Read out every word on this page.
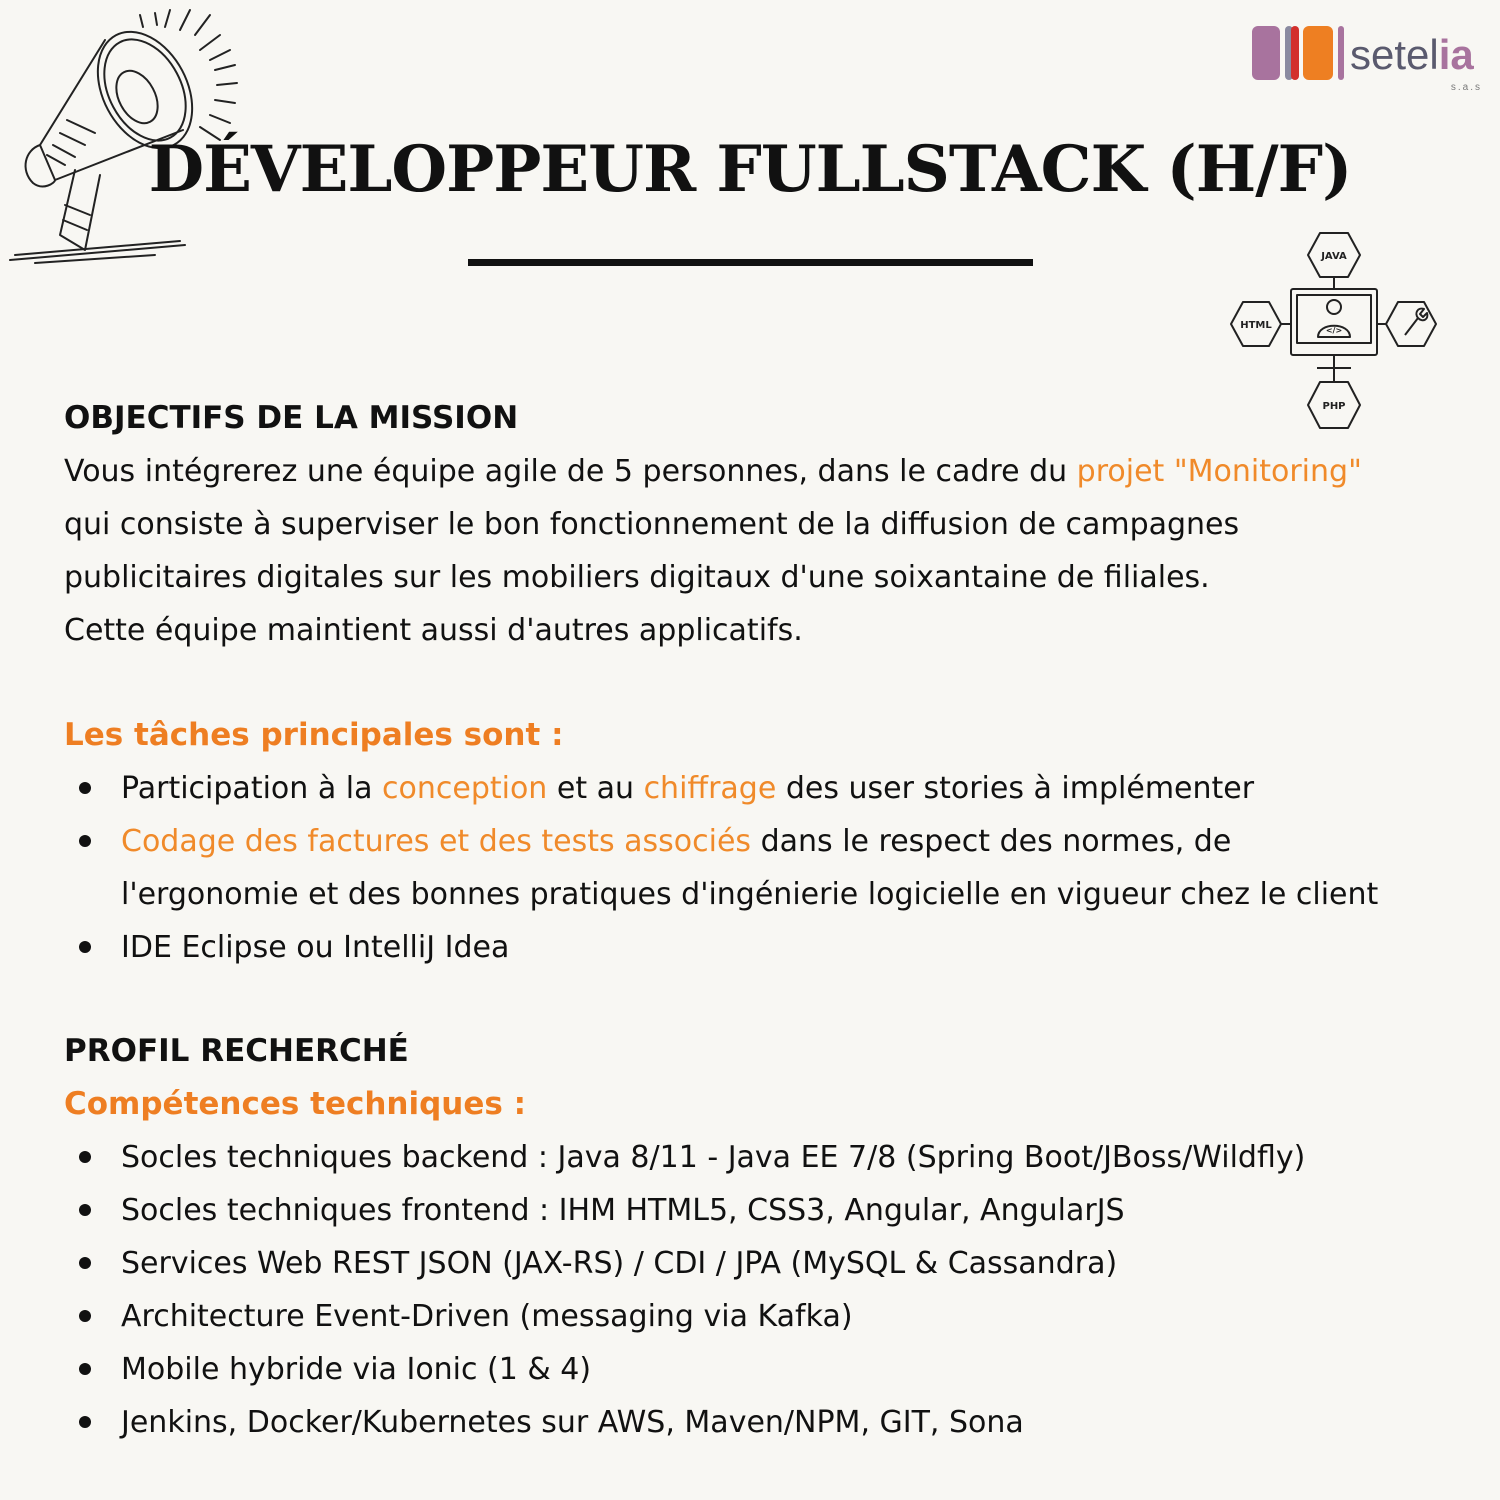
setelia
s.a.s
DÉVELOPPEUR FULLSTACK (H/F)
JAVA
HTML
PHP
</>
OBJECTIFS DE LA MISSION
Vous intégrerez une équipe agile de 5 personnes, dans le cadre du projet "Monitoring"
qui consiste à superviser le bon fonctionnement de la diffusion de campagnes
publicitaires digitales sur les mobiliers digitaux d'une soixantaine de filiales.
Cette équipe maintient aussi d'autres applicatifs.
Les tâches principales sont :
Participation à la conception et au chiffrage des user stories à implémenter
Codage des factures et des tests associés dans le respect des normes, de
l'ergonomie et des bonnes pratiques d'ingénierie logicielle en vigueur chez le client
IDE Eclipse ou IntelliJ Idea
PROFIL RECHERCHÉ
Compétences techniques :
Socles techniques backend : Java 8/11 - Java EE 7/8 (Spring Boot/JBoss/Wildfly)
Socles techniques frontend : IHM HTML5, CSS3, Angular, AngularJS
Services Web REST JSON (JAX-RS) / CDI / JPA (MySQL & Cassandra)
Architecture Event-Driven (messaging via Kafka)
Mobile hybride via Ionic (1 & 4)
Jenkins, Docker/Kubernetes sur AWS, Maven/NPM, GIT, Sona
